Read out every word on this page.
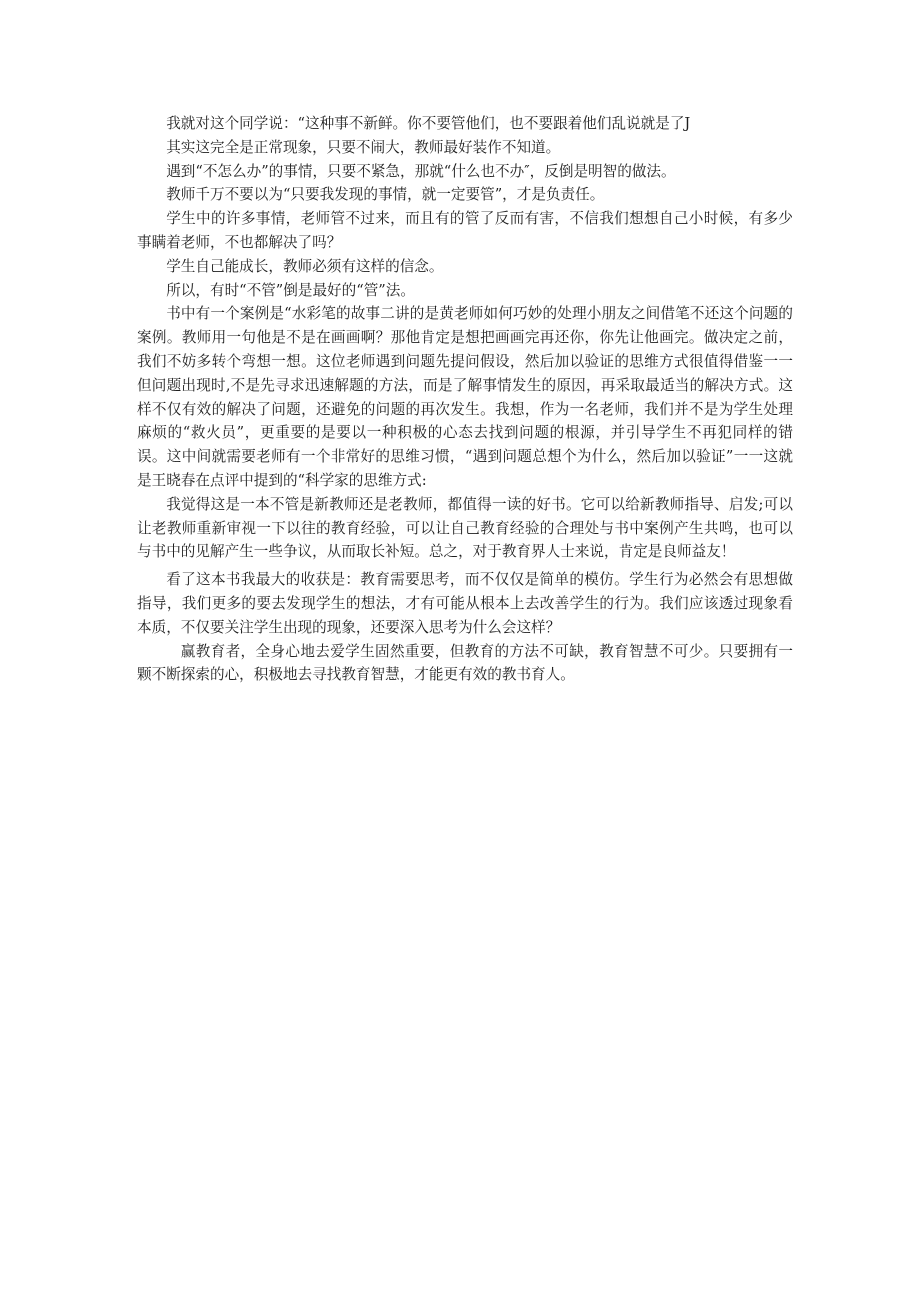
我就对这个同学说：“这种事不新鲜。你不要管他们，也不要跟着他们乱说就是了J

其实这完全是正常现象，只要不闹大，教师最好装作不知道。

遇到“不怎么办”的事情，只要不紧急，那就“什么也不办″，反倒是明智的做法。

教师千万不要以为“只要我发现的事情，就一定要管”，才是负责任。

学生中的许多事情，老师管不过来，而且有的管了反而有害，不信我们想想自己小时候，有多少事瞒着老师，不也都解决了吗？

学生自己能成长，教师必须有这样的信念。

所以，有时“不管”倒是最好的“管”法。

书中有一个案例是“水彩笔的故事二讲的是黄老师如何巧妙的处理小朋友之间借笔不还这个问题的案例。教师用一句他是不是在画画啊？那他肯定是想把画画完再还你，你先让他画完。做决定之前，我们不妨多转个弯想一想。这位老师遇到问题先提问假设，然后加以验证的思维方式很值得借鉴一一但问题出现时,不是先寻求迅速解题的方法，而是了解事情发生的原因，再采取最适当的解决方式。这样不仅有效的解决了问题，还避免的问题的再次发生。我想，作为一名老师，我们并不是为学生处理麻烦的“救火员”，更重要的是要以一种积极的心态去找到问题的根源，并引导学生不再犯同样的错误。这中间就需要老师有一个非常好的思维习惯，“遇到问题总想个为什么，然后加以验证”一一这就是王晓春在点评中提到的“科学家的思维方式:

我觉得这是一本不管是新教师还是老教师，都值得一读的好书。它可以给新教师指导、启发;可以让老教师重新审视一下以往的教育经验，可以让自己教育经验的合理处与书中案例产生共鸣，也可以与书中的见解产生一些争议，从而取长补短。总之，对于教育界人士来说，肯定是良师益友！

看了这本书我最大的收获是：教育需要思考，而不仅仅是简单的模仿。学生行为必然会有思想做指导，我们更多的要去发现学生的想法，才有可能从根本上去改善学生的行为。我们应该透过现象看本质，不仅要关注学生出现的现象，还要深入思考为什么会这样？

赢教育者，全身心地去爱学生固然重要，但教育的方法不可缺，教育智慧不可少。只要拥有一颗不断探索的心，积极地去寻找教育智慧，才能更有效的教书育人。
